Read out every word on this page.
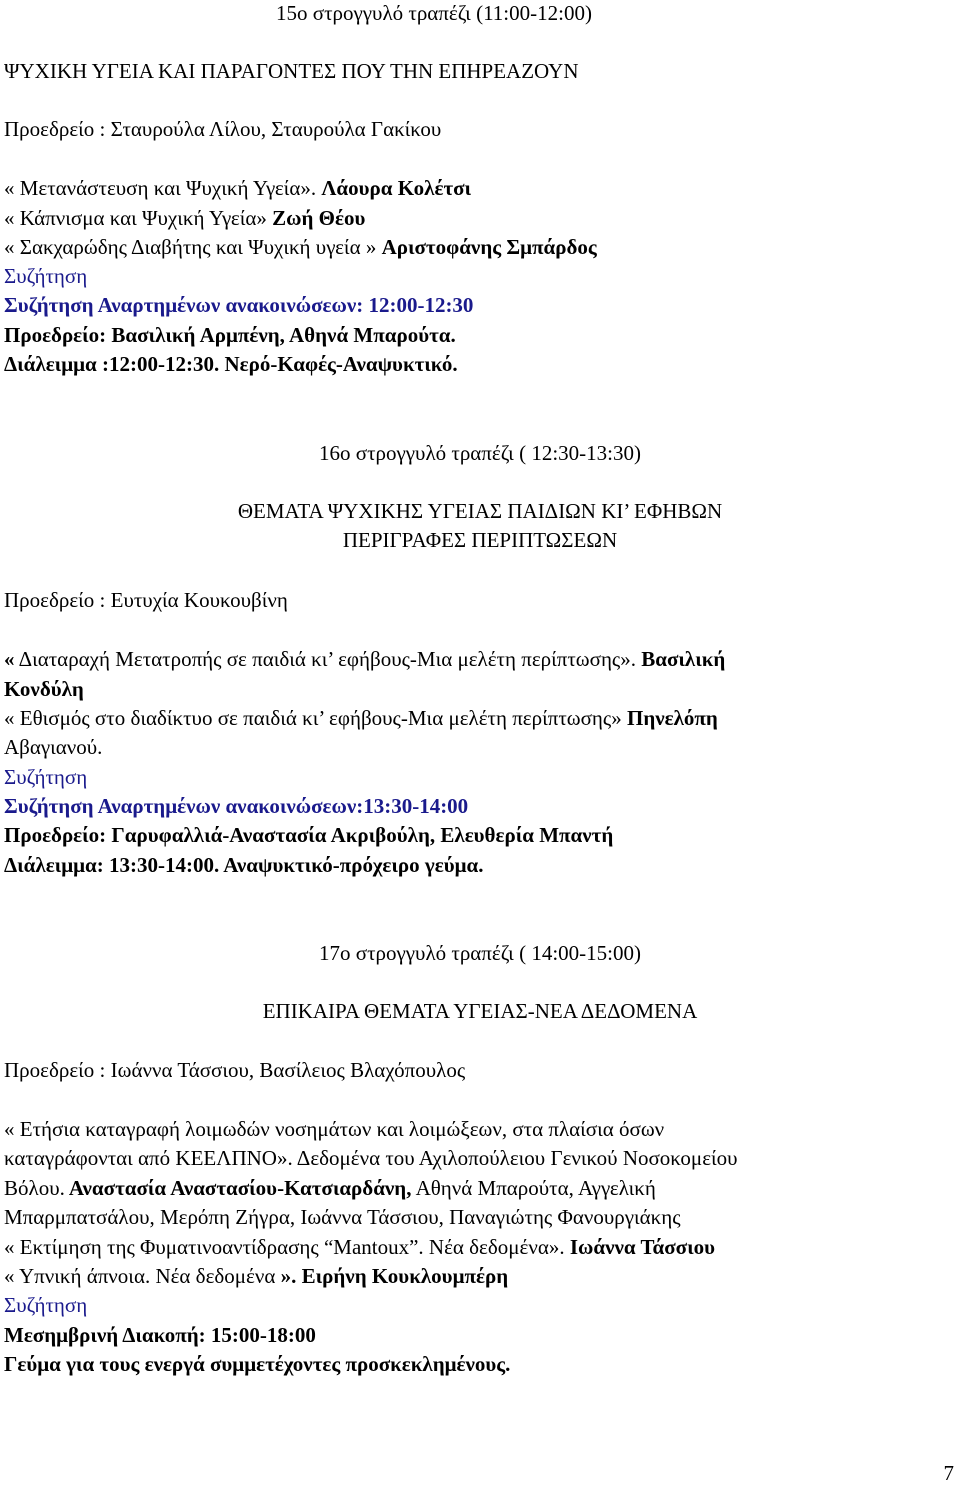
15ο στρογγυλό τραπέζι (11:00-12:00)

ΨΥΧΙΚΗ ΥΓΕΙΑ ΚΑΙ ΠΑΡΑΓΟΝΤΕΣ ΠΟΥ ΤΗΝ ΕΠΗΡΕΑΖΟΥΝ

Προεδρείο : Σταυρούλα Λίλου, Σταυρούλα Γακίκου

« Μετανάστευση και Ψυχική Υγεία». Λάουρα Κολέτσι

« Κάπνισμα και Ψυχική Υγεία» Ζωή Θέου

« Σακχαρώδης Διαβήτης και Ψυχική υγεία » Αριστοφάνης Σμπάρδος

Συζήτηση

Συζήτηση Αναρτημένων ανακοινώσεων: 12:00-12:30

Προεδρείο: Βασιλική Αρμπένη, Αθηνά Μπαρούτα.

Διάλειμμα :12:00-12:30. Νερό-Καφές-Αναψυκτικό.

16ο στρογγυλό τραπέζι ( 12:30-13:30)

ΘΕΜΑΤΑ ΨΥΧΙΚΗΣ ΥΓΕΙΑΣ ΠΑΙΔΙΩΝ ΚΙ’ ΕΦΗΒΩΝ

ΠΕΡΙΓΡΑΦΕΣ ΠΕΡΙΠΤΩΣΕΩΝ

Προεδρείο : Ευτυχία Κουκουβίνη

« Διαταραχή Μετατροπής σε παιδιά κι’ εφήβους-Μια μελέτη περίπτωσης». Βασιλική

Κονδύλη

« Εθισμός στο διαδίκτυο σε παιδιά κι’ εφήβους-Μια μελέτη περίπτωσης» Πηνελόπη

Αβαγιανού.

Συζήτηση

Συζήτηση Αναρτημένων ανακοινώσεων:13:30-14:00

Προεδρείο: Γαρυφαλλιά-Αναστασία Ακριβούλη, Ελευθερία Μπαντή

Διάλειμμα: 13:30-14:00. Αναψυκτικό-πρόχειρο γεύμα.

17ο στρογγυλό τραπέζι ( 14:00-15:00)

ΕΠΙΚΑΙΡΑ ΘΕΜΑΤΑ ΥΓΕΙΑΣ-ΝΕΑ ΔΕΔΟΜΕΝΑ

Προεδρείο : Ιωάννα Τάσσιου, Βασίλειος Βλαχόπουλος

« Ετήσια καταγραφή λοιμωδών νοσημάτων και λοιμώξεων, στα πλαίσια όσων

καταγράφονται από ΚΕΕΛΠΝΟ». Δεδομένα του Αχιλοπούλειου Γενικού Νοσοκομείου

Βόλου. Αναστασία Αναστασίου-Κατσιαρδάνη, Αθηνά Μπαρούτα, Αγγελική

Μπαρμπατσάλου, Μερόπη Ζήγρα, Ιωάννα Τάσσιου, Παναγιώτης Φανουργιάκης

« Εκτίμηση της Φυματινοαντίδρασης “Mantoux”. Νέα δεδομένα». Ιωάννα Τάσσιου

« Υπνική άπνοια. Νέα δεδομένα ». Ειρήνη Κουκλουμπέρη

Συζήτηση

Μεσημβρινή Διακοπή: 15:00-18:00

Γεύμα για τους ενεργά συμμετέχοντες προσκεκλημένους.

7
